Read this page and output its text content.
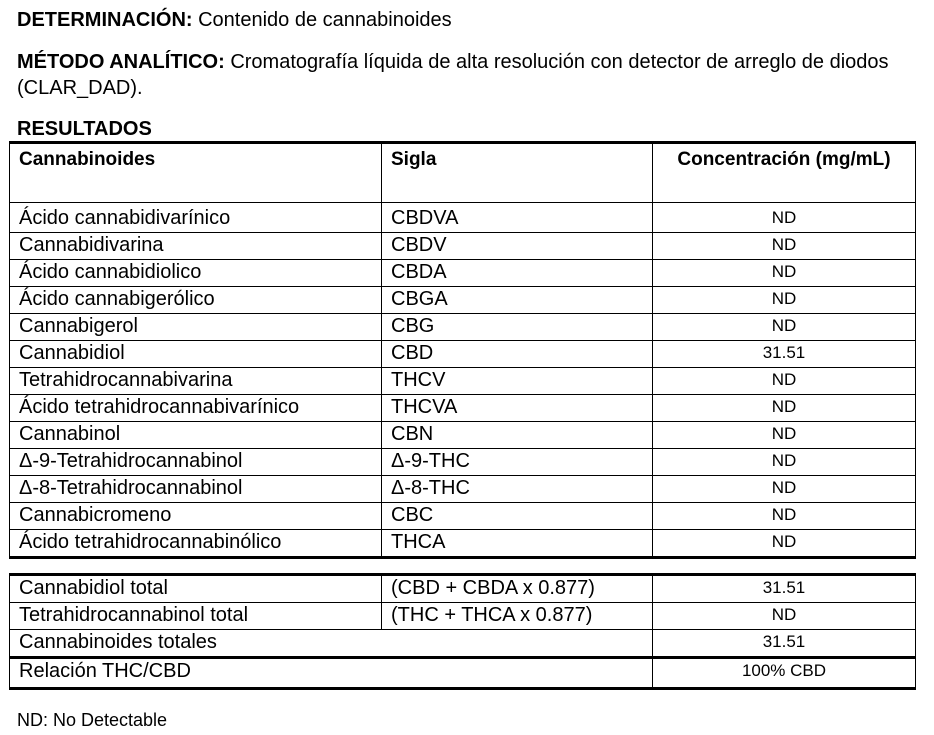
DETERMINACIÓN: Contenido de cannabinoides
MÉTODO ANALÍTICO: Cromatografía líquida de alta resolución con detector de arreglo de diodos (CLAR_DAD).
RESULTADOS
Cannabinoides	Sigla	Concentración (mg/mL)
Ácido cannabidivarínico	CBDVA	ND
Cannabidivarina	CBDV	ND
Ácido cannabidiolico	CBDA	ND
Ácido cannabigerólico	CBGA	ND
Cannabigerol	CBG	ND
Cannabidiol	CBD	31.51
Tetrahidrocannabivarina	THCV	ND
Ácido tetrahidrocannabivarínico	THCVA	ND
Cannabinol	CBN	ND
Δ-9-Tetrahidrocannabinol	Δ-9-THC	ND
Δ-8-Tetrahidrocannabinol	Δ-8-THC	ND
Cannabicromeno	CBC	ND
Ácido tetrahidrocannabinólico	THCA	ND

Cannabidiol total	(CBD + CBDA x 0.877)	31.51
Tetrahidrocannabinol total	(THC + THCA x 0.877)	ND
Cannabinoides totales		31.51
Relación THC/CBD		100% CBD
ND: No Detectable
